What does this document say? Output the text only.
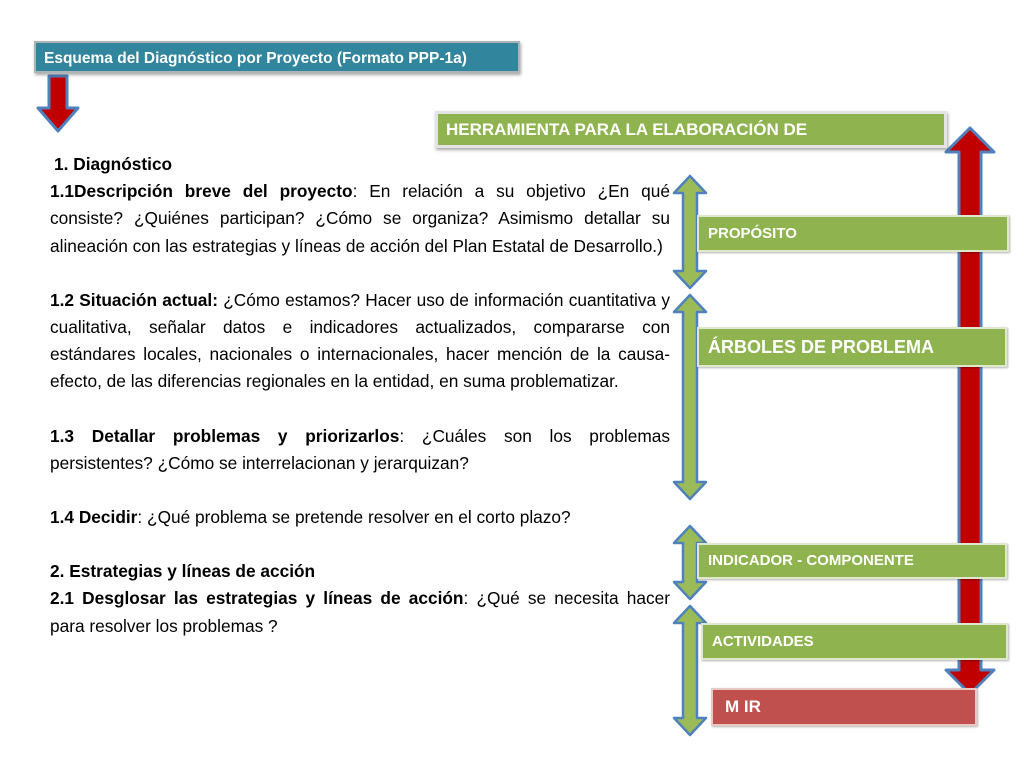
Esquema del Diagnóstico por Proyecto (Formato PPP-1a)
HERRAMIENTA PARA LA ELABORACIÓN DE

1. Diagnóstico

1.1Descripción breve del proyecto: En relación a su objetivo ¿En qué consiste? ¿Quiénes participan? ¿Cómo se organiza? Asimismo detallar su alineación con las estrategias y líneas de acción del Plan Estatal de Desarrollo.)

1.2 Situación actual: ¿Cómo estamos? Hacer uso de información cuantitativa y cualitativa, señalar datos e indicadores actualizados, compararse con estándares locales, nacionales o internacionales, hacer mención de la causa- efecto, de las diferencias regionales en la entidad, en suma problematizar.

1.3 Detallar problemas y priorizarlos: ¿Cuáles son los problemas persistentes? ¿Cómo se interrelacionan y jerarquizan?

1.4 Decidir: ¿Qué problema se pretende resolver en el corto plazo?

2. Estrategias y líneas de acción

2.1 Desglosar las estrategias y líneas de acción: ¿Qué se necesita hacer para resolver los problemas ?

PROPÓSITO
ÁRBOLES DE PROBLEMA
INDICADOR - COMPONENTE
ACTIVIDADES
M IR
